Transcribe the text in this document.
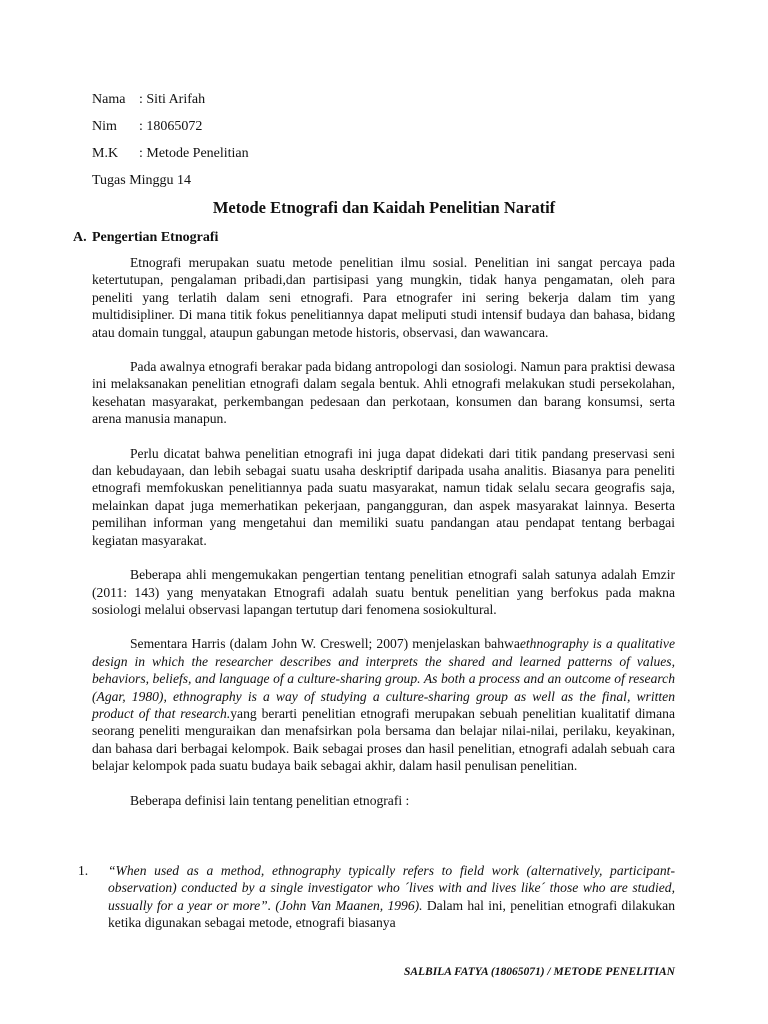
Nama : Siti Arifah
Nim	: 18065072
M.K	: Metode Penelitian
Tugas Minggu 14
Metode Etnografi dan Kaidah Penelitian Naratif
A. Pengertian Etnografi

Etnografi merupakan suatu metode penelitian ilmu sosial. Penelitian ini sangat percaya pada ketertutupan, pengalaman pribadi,dan partisipasi yang mungkin, tidak hanya pengamatan, oleh para peneliti yang terlatih dalam seni etnografi. Para etnografer ini sering bekerja dalam tim yang multidisipliner. Di mana titik fokus penelitiannya dapat meliputi studi intensif budaya dan bahasa, bidang atau domain tunggal, ataupun gabungan metode historis, observasi, dan wawancara.

Pada awalnya etnografi berakar pada bidang antropologi dan sosiologi. Namun para praktisi dewasa ini melaksanakan penelitian etnografi dalam segala bentuk. Ahli etnografi melakukan studi persekolahan, kesehatan masyarakat, perkembangan pedesaan dan perkotaan, konsumen dan barang konsumsi, serta arena manusia manapun.

Perlu dicatat bahwa penelitian etnografi ini juga dapat didekati dari titik pandang preservasi seni dan kebudayaan, dan lebih sebagai suatu usaha deskriptif daripada usaha analitis. Biasanya para peneliti etnografi memfokuskan penelitiannya pada suatu masyarakat, namun tidak selalu secara geografis saja, melainkan dapat juga memerhatikan pekerjaan, pangangguran, dan aspek masyarakat lainnya. Beserta pemilihan informan yang mengetahui dan memiliki suatu pandangan atau pendapat tentang berbagai kegiatan masyarakat.

Beberapa ahli mengemukakan pengertian tentang penelitian etnografi salah satunya adalah Emzir (2011: 143) yang menyatakan Etnografi adalah suatu bentuk penelitian yang berfokus pada makna sosiologi melalui observasi lapangan tertutup dari fenomena sosiokultural.

Sementara Harris (dalam John W. Creswell; 2007) menjelaskan bahwaethnography is a qualitative design in which the researcher describes and interprets the shared and learned patterns of values, behaviors, beliefs, and language of a culture-sharing group. As both a process and an outcome of research (Agar, 1980), ethnography is a way of studying a culture-sharing group as well as the final, written product of that research.yang berarti penelitian etnografi merupakan sebuah penelitian kualitatif dimana seorang peneliti menguraikan dan menafsirkan pola bersama dan belajar nilai-nilai, perilaku, keyakinan, dan bahasa dari berbagai kelompok. Baik sebagai proses dan hasil penelitian, etnografi adalah sebuah cara belajar kelompok pada suatu budaya baik sebagai akhir, dalam hasil penulisan penelitian.

Beberapa definisi lain tentang penelitian etnografi :

1.	“When used as a method, ethnography typically refers to field work (alternatively, participant-observation) conducted by a single investigator who ´lives with and lives like´ those who are studied, ussually for a year or more”. (John Van Maanen, 1996). Dalam hal ini, penelitian etnografi dilakukan ketika digunakan sebagai metode, etnografi biasanya
SALBILA FATYA (18065071) / METODE PENELITIAN
